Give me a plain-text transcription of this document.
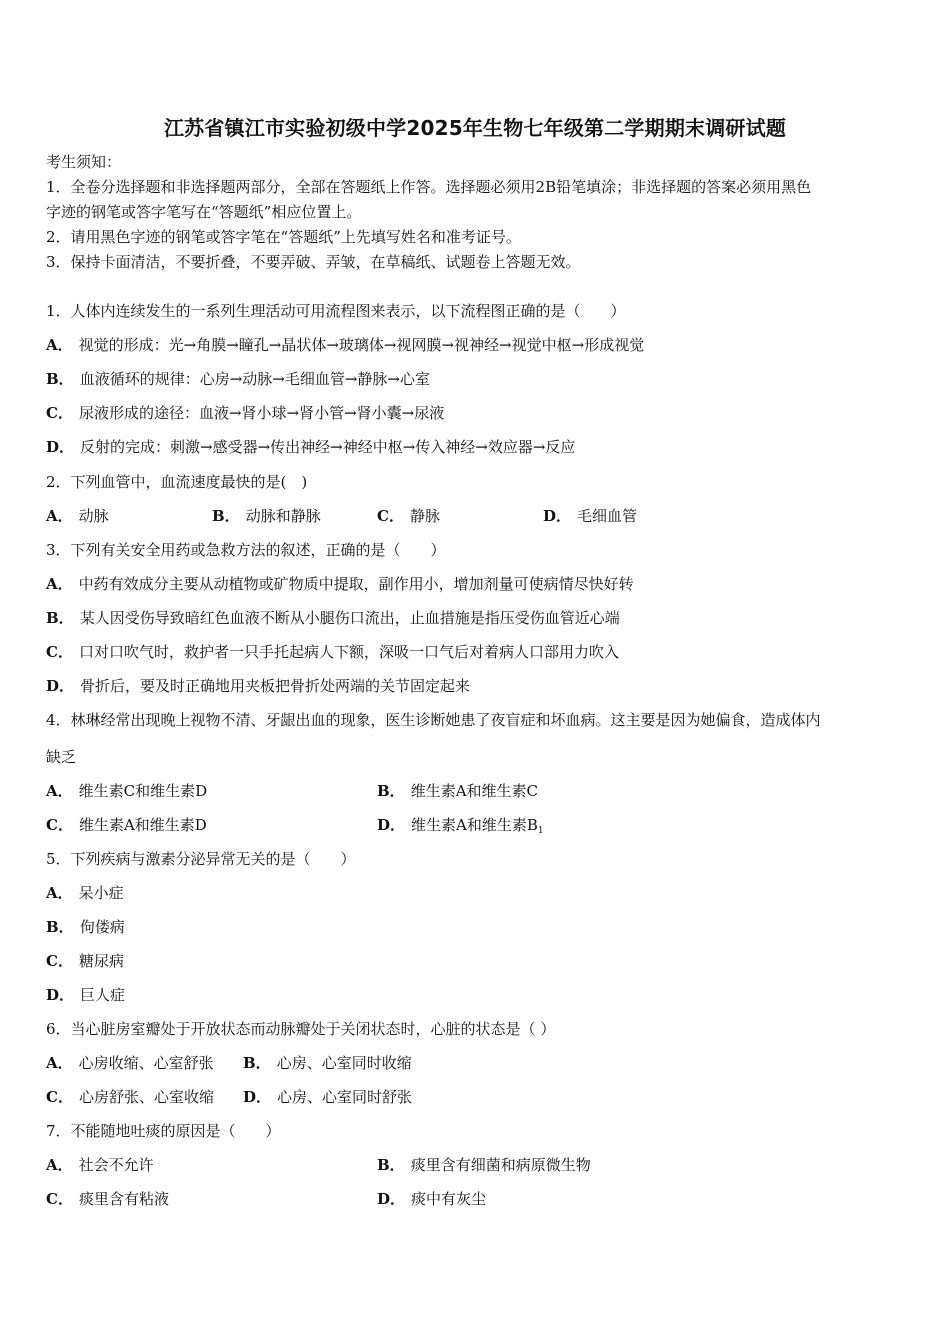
江苏省镇江市实验初级中学2025年生物七年级第二学期期末调研试题
考生须知：
1．全卷分选择题和非选择题两部分，全部在答题纸上作答。选择题必须用2B铅笔填涂；非选择题的答案必须用黑色
字迹的钢笔或答字笔写在“答题纸”相应位置上。
2．请用黑色字迹的钢笔或答字笔在“答题纸”上先填写姓名和准考证号。
3．保持卡面清洁，不要折叠，不要弄破、弄皱，在草稿纸、试题卷上答题无效。
1．人体内连续发生的一系列生理活动可用流程图来表示，以下流程图正确的是（　　）
A． 视觉的形成：光→角膜→瞳孔→晶状体→玻璃体→视网膜→视神经→视觉中枢→形成视觉
B． 血液循环的规律：心房→动脉→毛细血管→静脉→心室
C． 尿液形成的途径：血液→肾小球→肾小管→肾小囊→尿液
D． 反射的完成：刺激→感受器→传出神经→神经中枢→传入神经→效应器→反应
2．下列血管中，血流速度最快的是(　)
A． 动脉	B． 动脉和静脉	C． 静脉	D． 毛细血管
3．下列有关安全用药或急救方法的叙述，正确的是（　　）
A． 中药有效成分主要从动植物或矿物质中提取，副作用小，增加剂量可使病情尽快好转
B． 某人因受伤导致暗红色血液不断从小腿伤口流出，止血措施是指压受伤血管近心端
C． 口对口吹气时，救护者一只手托起病人下额，深吸一口气后对着病人口部用力吹入
D． 骨折后，要及时正确地用夹板把骨折处两端的关节固定起来
4．林琳经常出现晚上视物不清、牙龈出血的现象，医生诊断她患了夜盲症和坏血病。这主要是因为她偏食，造成体内
缺乏
A． 维生素C和维生素D	B． 维生素A和维生素C
C． 维生素A和维生素D	D． 维生素A和维生素$B_1$
5．下列疾病与激素分泌异常无关的是（　　）
A． 呆小症
B． 佝偻病
C． 糖尿病
D． 巨人症
6．当心脏房室瓣处于开放状态而动脉瓣处于关闭状态时，心脏的状态是（ ）
A． 心房收缩、心室舒张 B． 心房、心室同时收缩
C． 心房舒张、心室收缩 D． 心房、心室同时舒张
7．不能随地吐痰的原因是（　　）
A． 社会不允许	B． 痰里含有细菌和病原微生物
C． 痰里含有粘液	D． 痰中有灰尘
